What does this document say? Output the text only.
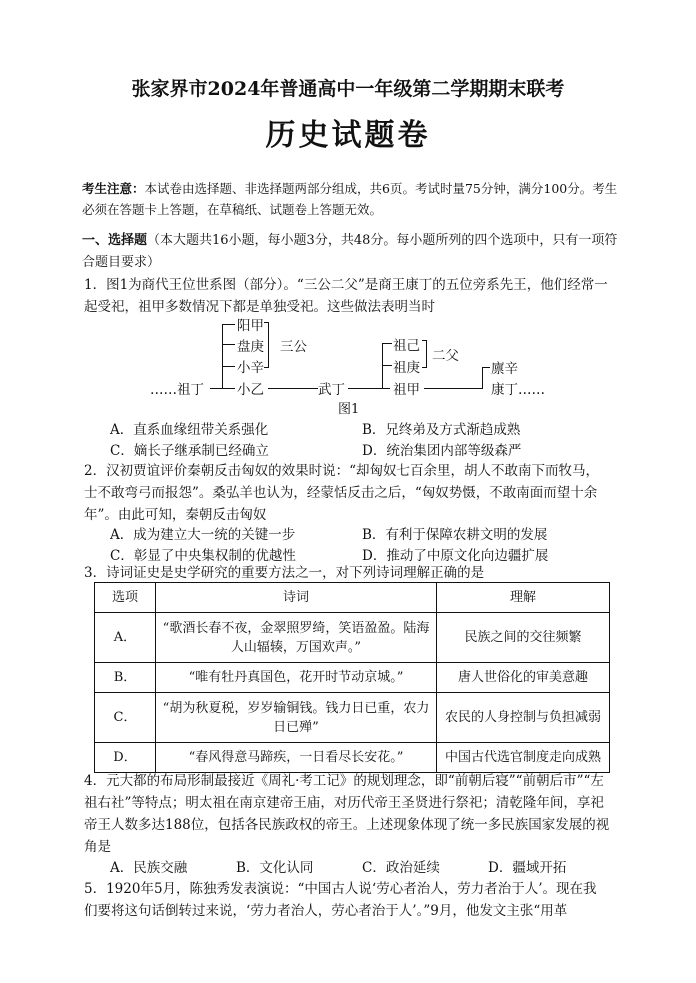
张家界市2024年普通高中一年级第二学期期末联考
历史试题卷
考生注意：本试卷由选择题、非选择题两部分组成，共6页。考试时量75分钟，满分100分。考生必须在答题卡上答题，在草稿纸、试题卷上答题无效。
一、选择题（本大题共16小题，每小题3分，共48分。每小题所列的四个选项中，只有一项符合题目要求）
1．图1为商代王位世系图（部分）。“三公二父”是商王康丁的五位旁系先王，他们经常一起受祀，祖甲多数情况下都是单独受祀。这些做法表明当时
……祖丁
阳甲
盘庚
小辛
小乙
三公
武丁
祖己
祖庚
祖甲
二父
廪辛
康丁……
图1
A．直系血缘纽带关系强化	B．兄终弟及方式渐趋成熟
C．嫡长子继承制已经确立	D．统治集团内部等级森严
2．汉初贾谊评价秦朝反击匈奴的效果时说：“却匈奴七百余里，胡人不敢南下而牧马，士不敢弯弓而报怨”。桑弘羊也认为，经蒙恬反击之后，“匈奴势慑，不敢南面而望十余年”。由此可知，秦朝反击匈奴
A．成为建立大一统的关键一步	B．有利于保障农耕文明的发展
C．彰显了中央集权制的优越性	D．推动了中原文化向边疆扩展
3．诗词证史是史学研究的重要方法之一，对下列诗词理解正确的是
选项	诗词	理解
A．	“歌酒长春不夜，金翠照罗绮，笑语盈盈。陆海人山辐辏，万国欢声。”	民族之间的交往频繁
B．	“唯有牡丹真国色，花开时节动京城。”	唐人世俗化的审美意趣
C．	“胡为秋夏税，岁岁输铜钱。钱力日已重，农力日已殚”	农民的人身控制与负担减弱
D．	“春风得意马蹄疾，一日看尽长安花。”	中国古代选官制度走向成熟
4．元大都的布局形制最接近《周礼·考工记》的规划理念，即“前朝后寝”“前朝后市”“左祖右社”等特点；明太祖在南京建帝王庙，对历代帝王圣贤进行祭祀；清乾隆年间，享祀帝王人数多达188位，包括各民族政权的帝王。上述现象体现了统一多民族国家发展的视角是
A．民族交融	B．文化认同	C．政治延续	D．疆域开拓
5．1920年5月，陈独秀发表演说：“中国古人说‘劳心者治人，劳力者治于人’。现在我们要将这句话倒转过来说，‘劳力者治人，劳心者治于人’。”9月，他发文主张“用革
